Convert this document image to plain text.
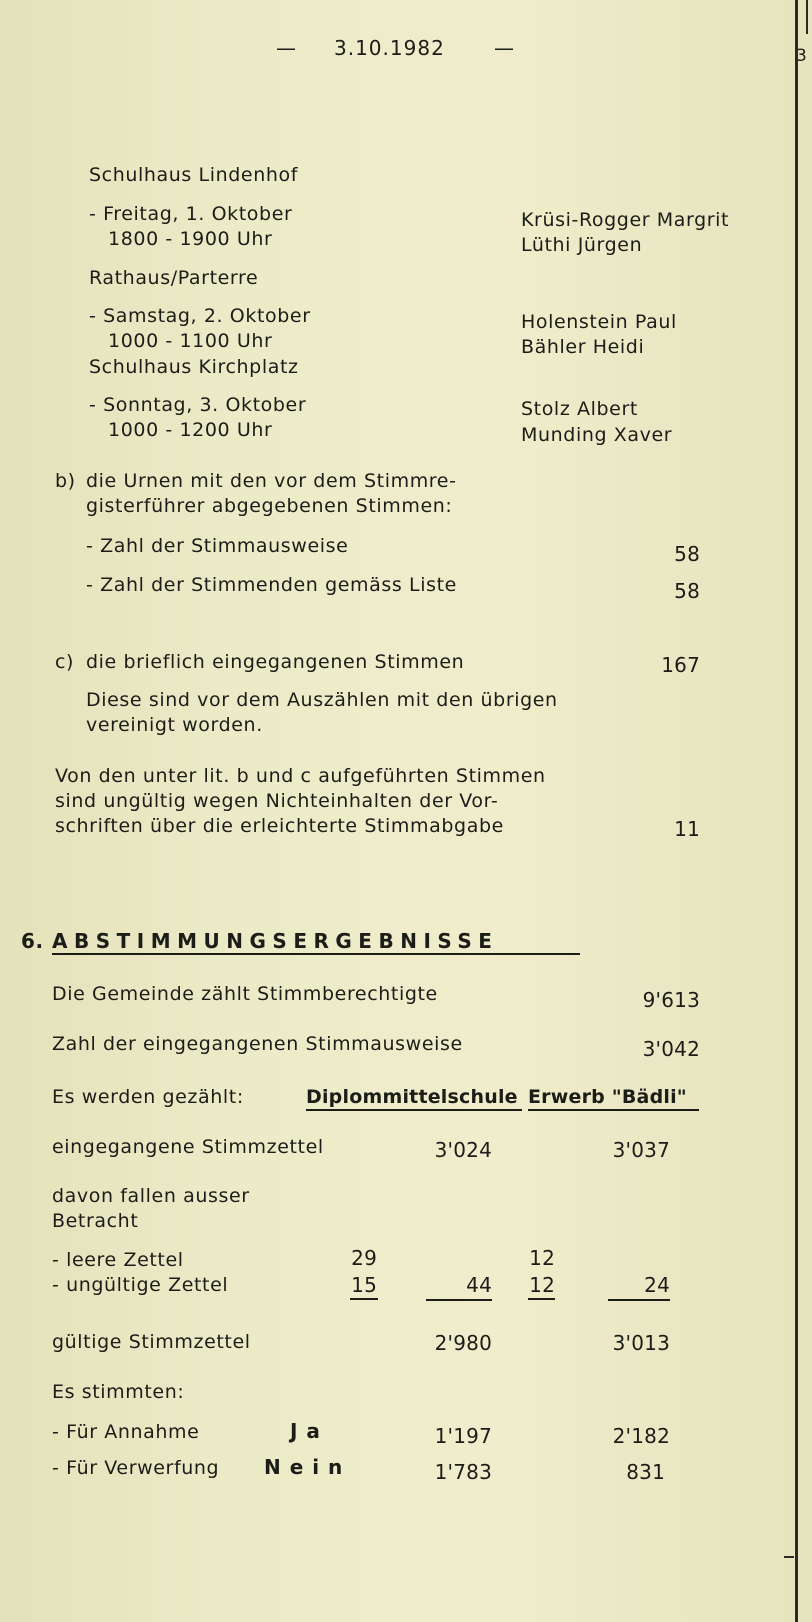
— 3.10.1982 —	3
Schulhaus Lindenhof
- Freitag, 1. Oktober
1800 - 1900 Uhr
Krüsi-Rogger Margrit
Lüthi Jürgen
Rathaus/Parterre
- Samstag, 2. Oktober
1000 - 1100 Uhr
Holenstein Paul
Bähler Heidi
Schulhaus Kirchplatz
- Sonntag, 3. Oktober
1000 - 1200 Uhr
Stolz Albert
Munding Xaver
b) die Urnen mit den vor dem Stimmre-
gisterführer abgegebenen Stimmen:
- Zahl der Stimmausweise	58
- Zahl der Stimmenden gemäss Liste	58
c) die brieflich eingegangenen Stimmen	167
Diese sind vor dem Auszählen mit den übrigen
vereinigt worden.
Von den unter lit. b und c aufgeführten Stimmen
sind ungültig wegen Nichteinhalten der Vor-
schriften über die erleichterte Stimmabgabe	11
6. ABSTIMMUNGSERGEBNISSE
Die Gemeinde zählt Stimmberechtigte	9'613
Zahl der eingegangenen Stimmausweise	3'042
Es werden gezählt:	Diplommittelschule Erwerb "Bädli"
eingegangene Stimmzettel	3'024	3'037
davon fallen ausser
Betracht
- leere Zettel	29	12
- ungültige Zettel	15	44	12	24
gültige Stimmzettel	2'980	3'013
Es stimmten:
- Für Annahme	J a	1'197	2'182
- Für Verwerfung N e i n	1'783	831
